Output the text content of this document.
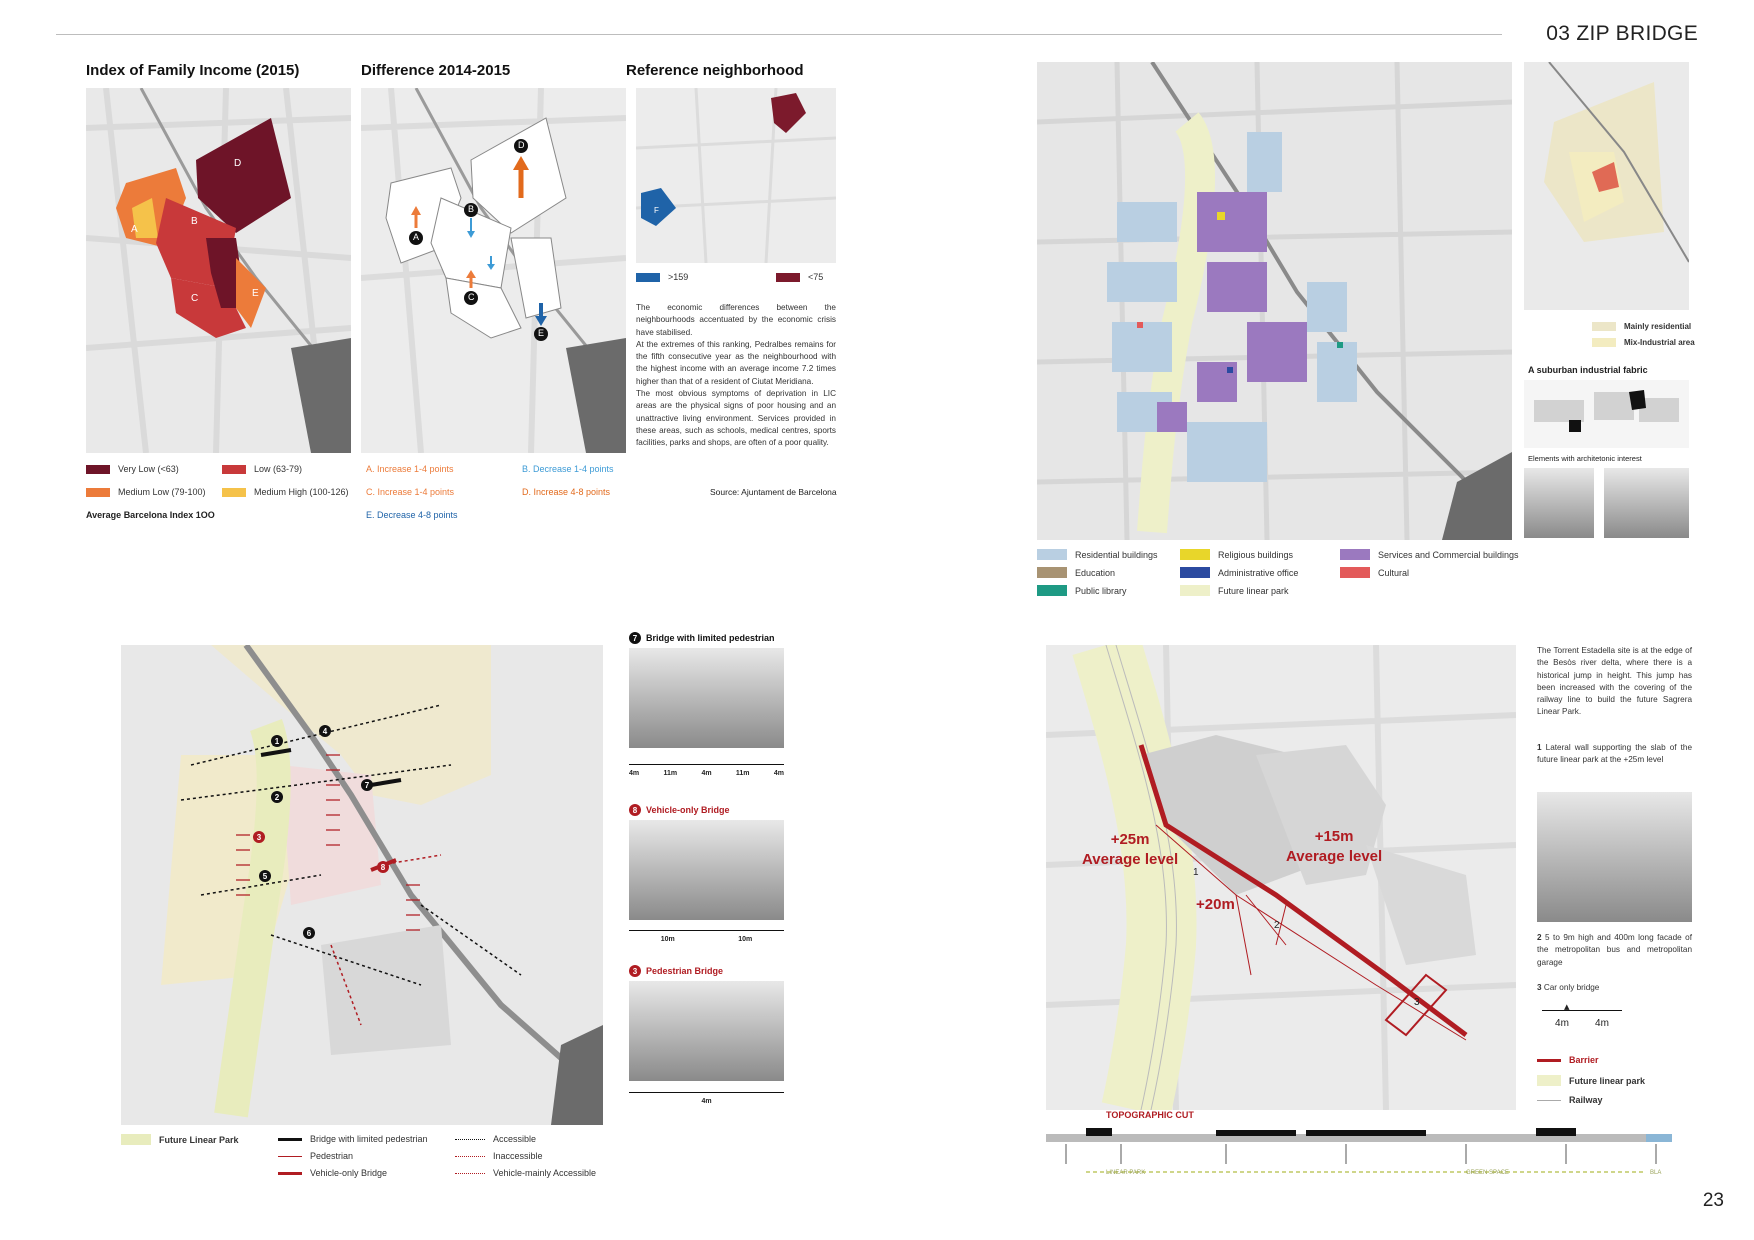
03 ZIP BRIDGE
23
Index of Family Income (2015)	Difference 2014-2015	Reference neighborhood
D
A
B
C	E
D
A
B
C
E
F
>159	<75
The economic differences between the neighbourhoods accentuated by the economic crisis have stabilised.
At the extremes of this ranking, Pedralbes remains for the fifth consecutive year as the neighbourhood with the highest income with an average income 7.2 times higher than that of a resident of Ciutat Meridiana.
The most obvious symptoms of deprivation in LIC areas are the physical signs of poor housing and an unattractive living environment. Services provided in these areas, such as schools, medical centres, sports facilities, parks and shops, are often of a poor quality.
Very Low (<63)	Low (63-79)
Medium Low (79-100)	Medium High (100-126)
Average Barcelona Index 1OO
A. Increase 1-4 points	B. Decrease 1-4 points
C. Increase 1-4 points	D. Increase 4-8 points
E. Decrease 4-8 points
Source: Ajuntament de Barcelona
Mainly residential
Mix-Industrial area
A suburban industrial fabric
Elements with architetonic interest
Residential buildings	Religious buildings	Services and Commercial buildings
Education	Administrative office	Cultural
Public library	Future linear park
1
2
3
4
5
6
7
8
7 Bridge with limited pedestrian
4m	11m	4m	11m	4m
8 Vehicle-only Bridge
10m	10m
3 Pedestrian Bridge
4m
Future Linear Park	Bridge with limited pedestrian
Pedestrian
Vehicle-only Bridge
Accessible
Inaccessible
Vehicle-mainly Accessible
+25m
Average level
+15m
Average level
+20m
1
2
3
The Torrent Estadella site is at the edge of the Besòs river delta, where there is a historical jump in height. This jump has been increased with the covering of the railway line to build the future Sagrera Linear Park.
1 Lateral wall supporting the slab of the future linear park at the +25m level
2 5 to 9m high and 400m long facade of the metropolitan bus and metropolitan garage
3 Car only bridge
▴
4m	4m
Barrier
Future linear park
Railway
TOPOGRAPHIC CUT
LINEAR PARK	GREEN SPACE	BLA
